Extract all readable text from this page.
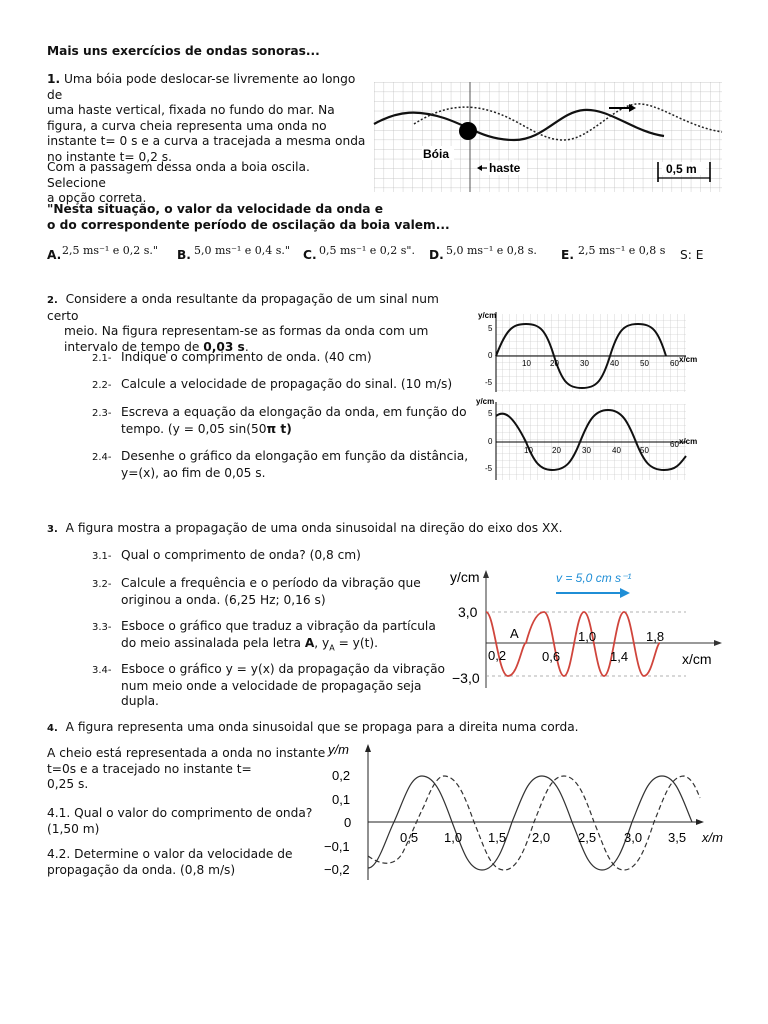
Mais uns exercícios de ondas sonoras...
1. Uma bóia pode deslocar-se livremente ao longo de
uma haste vertical, fixada no fundo do mar. Na
figura, a curva cheia representa uma onda no
instante t= 0 s e a curva a tracejada a mesma onda
no instante t= 0,2 s.
Com a passagem dessa onda a boia oscila. Selecione
a opção correta.
"Nesta situação, o valor da velocidade da onda e
o do correspondente período de oscilação da boia valem...
A. 2,5 ms⁻¹ e 0,2 s." B. 5,0 ms⁻¹ e 0,4 s." C. 0,5 ms⁻¹ e 0,2 s". D. 5,0 ms⁻¹ e 0,8 s. E. 2,5 ms⁻¹ e 0,8 s S: E
Bóia
haste	0,5 m
2. Considere a onda resultante da propagação de um sinal num certo
meio. Na figura representam-se as formas da onda com um
intervalo de tempo de 0,03 s.
2.1- Indique o comprimento de onda. (40 cm)
2.2- Calcule a velocidade de propagação do sinal. (10 m/s)
2.3- Escreva a equação da elongação da onda, em função do
tempo. (y = 0,05 sin(50π t)
2.4- Desenhe o gráfico da elongação em função da distância,
y=(x), ao fim de 0,05 s.
y/cm
5
0
-5
10 20	30	40	50	60 x/cm
y/cm
5
0
-5
10 20	30	40 50
60 x/cm
3. A figura mostra a propagação de uma onda sinusoidal na direção do eixo dos XX.
3.1- Qual o comprimento de onda? (0,8 cm)
3.2- Calcule a frequência e o período da vibração que
originou a onda. (6,25 Hz; 0,16 s)
3.3- Esboce o gráfico que traduz a vibração da partícula
do meio assinalada pela letra A, $y_A = y(t)$.
3.4- Esboce o gráfico y = y(x) da propagação da vibração
num meio onde a velocidade de propagação seja
dupla.
y/cm
x/cm
3,0
−3,0
A
v = 5,0 cm s⁻¹
0,2	0,6
1,0
1,4
1,8
4. A figura representa uma onda sinusoidal que se propaga para a direita numa corda.
A cheio está representada a onda no instante
t=0s e a tracejado no instante t=
0,25 s.
4.1. Qual o valor do comprimento de onda?
(1,50 m)
4.2. Determine o valor da velocidade de
propagação da onda. (0,8 m/s)
y/m
x/m
0,2
0,1
0
−0,1
−0,2
0,5 1,0 1,5 2,0 2,5 3,0 3,5
